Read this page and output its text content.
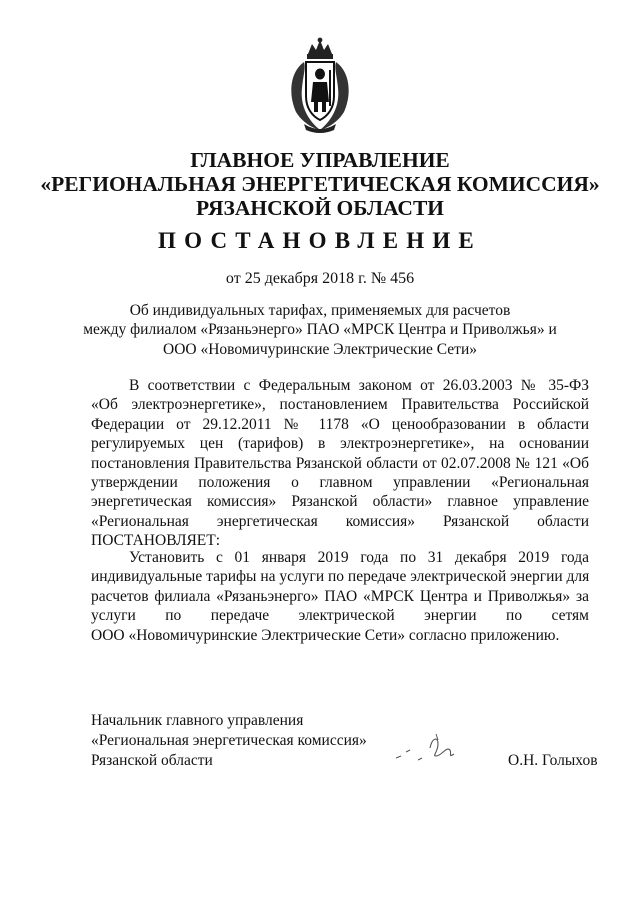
ГЛАВНОЕ УПРАВЛЕНИЕ
«РЕГИОНАЛЬНАЯ ЭНЕРГЕТИЧЕСКАЯ КОМИССИЯ»
РЯЗАНСКОЙ ОБЛАСТИ
ПОСТАНОВЛЕНИЕ
от 25 декабря 2018 г. № 456
Об индивидуальных тарифах, применяемых для расчетов
между филиалом «Рязаньэнерго» ПАО «МРСК Центра и Приволжья» и
ООО «Новомичуринские Электрические Сети»
В соответствии с Федеральным законом от 26.03.2003 № 35-ФЗ
«Об электроэнергетике», постановлением Правительства Российской
Федерации от 29.12.2011 № 1178 «О ценообразовании в области
регулируемых цен (тарифов) в электроэнергетике», на основании
постановления Правительства Рязанской области от 02.07.2008 № 121 «Об
утверждении положения о главном управлении «Региональная
энергетическая комиссия» Рязанской области» главное управление
«Региональная энергетическая комиссия» Рязанской области
ПОСТАНОВЛЯЕТ:
Установить с 01 января 2019 года по 31 декабря 2019 года
индивидуальные тарифы на услуги по передаче электрической энергии для
расчетов филиала «Рязаньэнерго» ПАО «МРСК Центра и Приволжья» за
услуги по передаче электрической энергии по сетям
ООО «Новомичуринские Электрические Сети» согласно приложению.
Начальник главного управления
«Региональная энергетическая комиссия»
Рязанской области	О.Н. Голыхов
